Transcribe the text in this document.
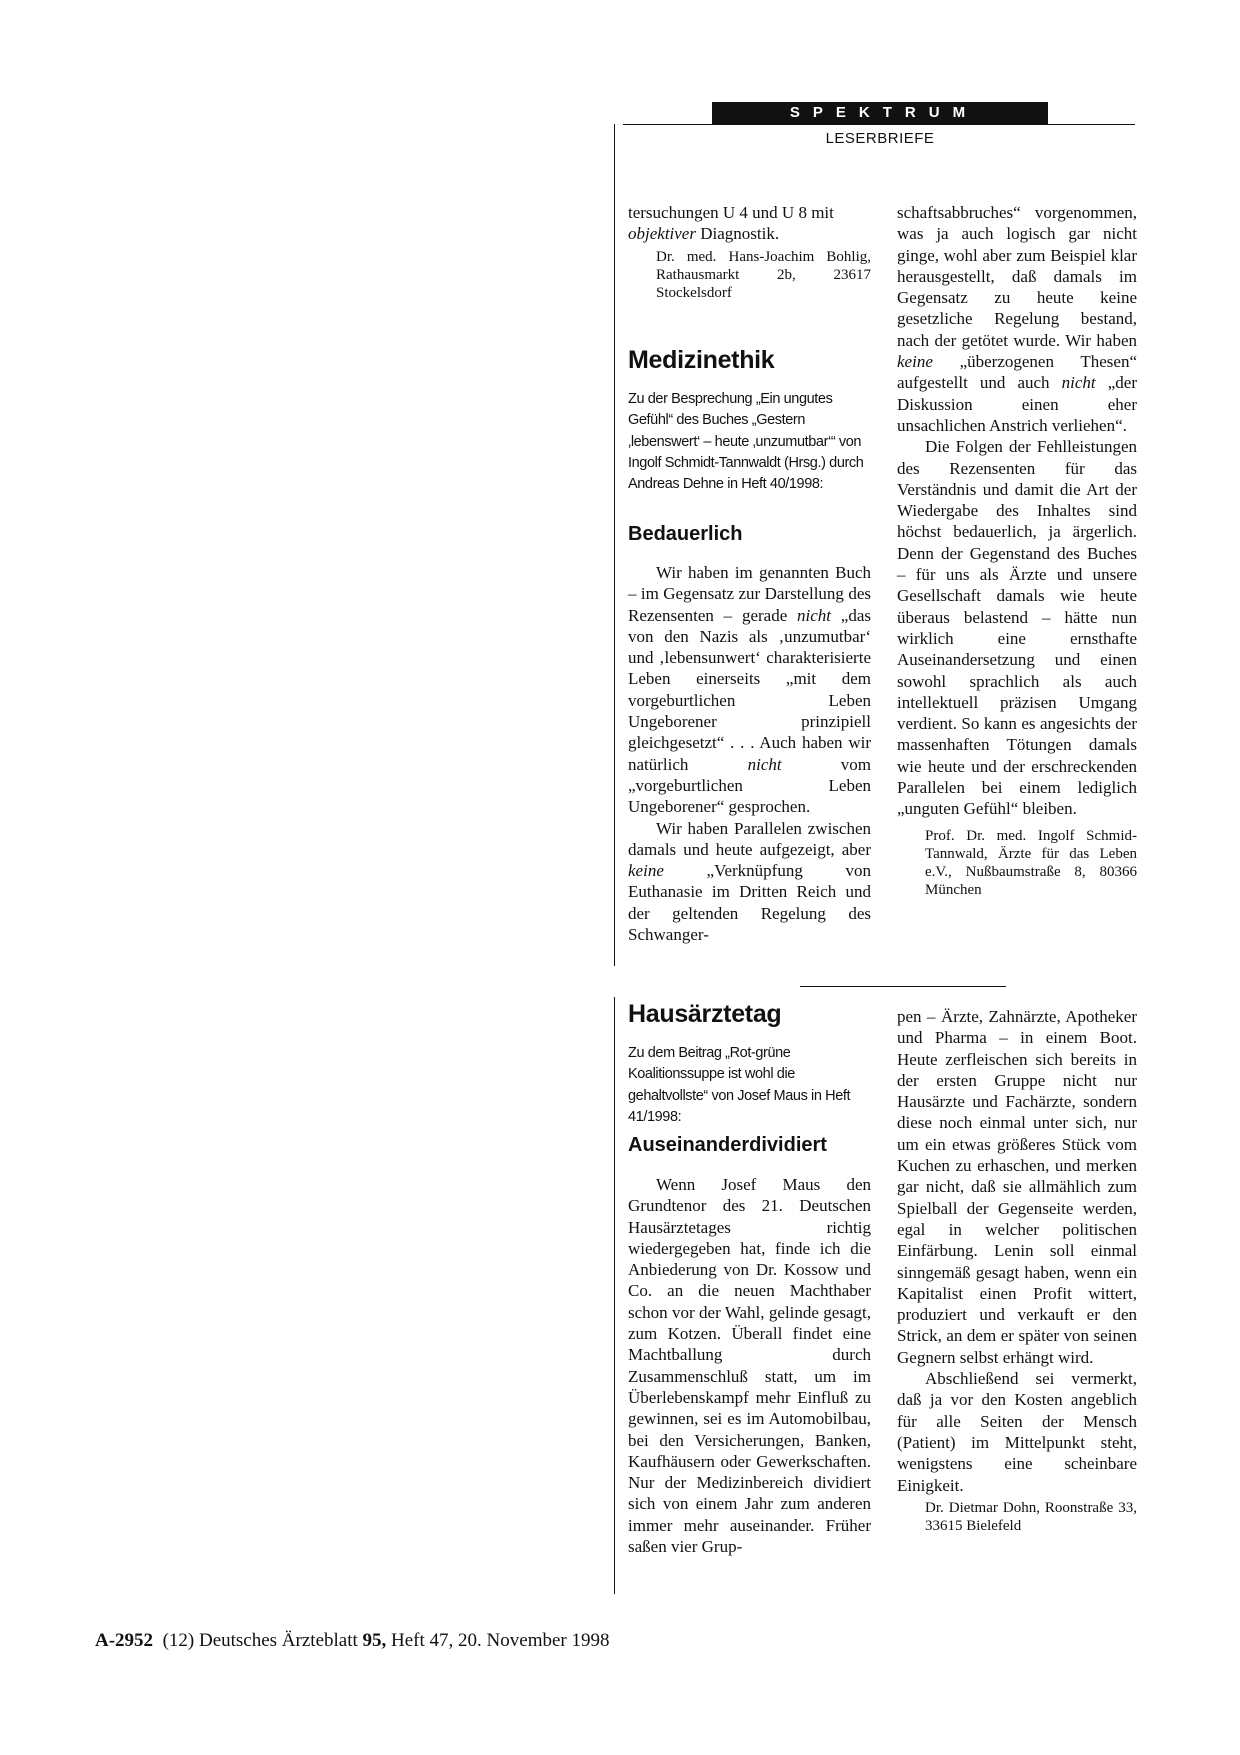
SPEKTRUM
LESERBRIEFE

tersuchungen U 4 und U 8 mit
objektiver Diagnostik.

Dr. med. Hans-Joachim Bohlig, Rathausmarkt 2b, 23617 Stockelsdorf

Medizinethik
Zu der Besprechung „Ein ungutes Gefühl“ des Buches „Gestern ‚lebenswert‘ – heute ‚unzumutbar‘“ von Ingolf Schmidt-Tannwaldt (Hrsg.) durch Andreas Dehne in Heft 40/1998:
Bedauerlich

Wir haben im genannten Buch – im Gegensatz zur Darstellung des Rezensenten – gerade nicht „das von den Nazis als ‚unzumutbar‘ und ‚lebensunwert‘ charakterisierte Leben einerseits „mit dem vorgeburtlichen Leben Ungeborener prinzipiell gleichgesetzt“ . . . Auch haben wir natürlich nicht vom „vorgeburtlichen Leben Ungeborener“ gesprochen.

Wir haben Parallelen zwischen damals und heute aufgezeigt, aber keine „Verknüpfung von Euthanasie im Dritten Reich und der geltenden Regelung des Schwanger-

schaftsabbruches“ vorgenommen, was ja auch logisch gar nicht ginge, wohl aber zum Beispiel klar herausgestellt, daß damals im Gegensatz zu heute keine gesetzliche Regelung bestand, nach der getötet wurde. Wir haben keine „überzogenen Thesen“ aufgestellt und auch nicht „der Diskussion einen eher unsachlichen Anstrich verliehen“.

Die Folgen der Fehlleistungen des Rezensenten für das Verständnis und damit die Art der Wiedergabe des Inhaltes sind höchst bedauerlich, ja ärgerlich. Denn der Gegenstand des Buches – für uns als Ärzte und unsere Gesellschaft damals wie heute überaus belastend – hätte nun wirklich eine ernsthafte Auseinandersetzung und einen sowohl sprachlich als auch intellektuell präzisen Umgang verdient. So kann es angesichts der massenhaften Tötungen damals wie heute und der erschreckenden Parallelen bei einem lediglich „unguten Gefühl“ bleiben.

Prof. Dr. med. Ingolf Schmid-Tannwald, Ärzte für das Leben e.V., Nußbaumstraße 8, 80366 München

Hausärztetag
Zu dem Beitrag „Rot-grüne Koalitionssuppe ist wohl die gehaltvollste“ von Josef Maus in Heft 41/1998:
Auseinanderdividiert

Wenn Josef Maus den Grundtenor des 21. Deutschen Hausärztetages richtig wiedergegeben hat, finde ich die Anbiederung von Dr. Kossow und Co. an die neuen Machthaber schon vor der Wahl, gelinde gesagt, zum Kotzen. Überall findet eine Machtballung durch Zusammenschluß statt, um im Überlebenskampf mehr Einfluß zu gewinnen, sei es im Automobilbau, bei den Versicherungen, Banken, Kaufhäusern oder Gewerkschaften. Nur der Medizinbereich dividiert sich von einem Jahr zum anderen immer mehr auseinander. Früher saßen vier Grup-

pen – Ärzte, Zahnärzte, Apotheker und Pharma – in einem Boot. Heute zerfleischen sich bereits in der ersten Gruppe nicht nur Hausärzte und Fachärzte, sondern diese noch einmal unter sich, nur um ein etwas größeres Stück vom Kuchen zu erhaschen, und merken gar nicht, daß sie allmählich zum Spielball der Gegenseite werden, egal in welcher politischen Einfärbung. Lenin soll einmal sinngemäß gesagt haben, wenn ein Kapitalist einen Profit wittert, produziert und verkauft er den Strick, an dem er später von seinen Gegnern selbst erhängt wird.

Abschließend sei vermerkt, daß ja vor den Kosten angeblich für alle Seiten der Mensch (Patient) im Mittelpunkt steht, wenigstens eine scheinbare Einigkeit.

Dr. Dietmar Dohn, Roonstraße 33, 33615 Bielefeld

A-2952 (12) Deutsches Ärzteblatt 95, Heft 47, 20. November 1998
